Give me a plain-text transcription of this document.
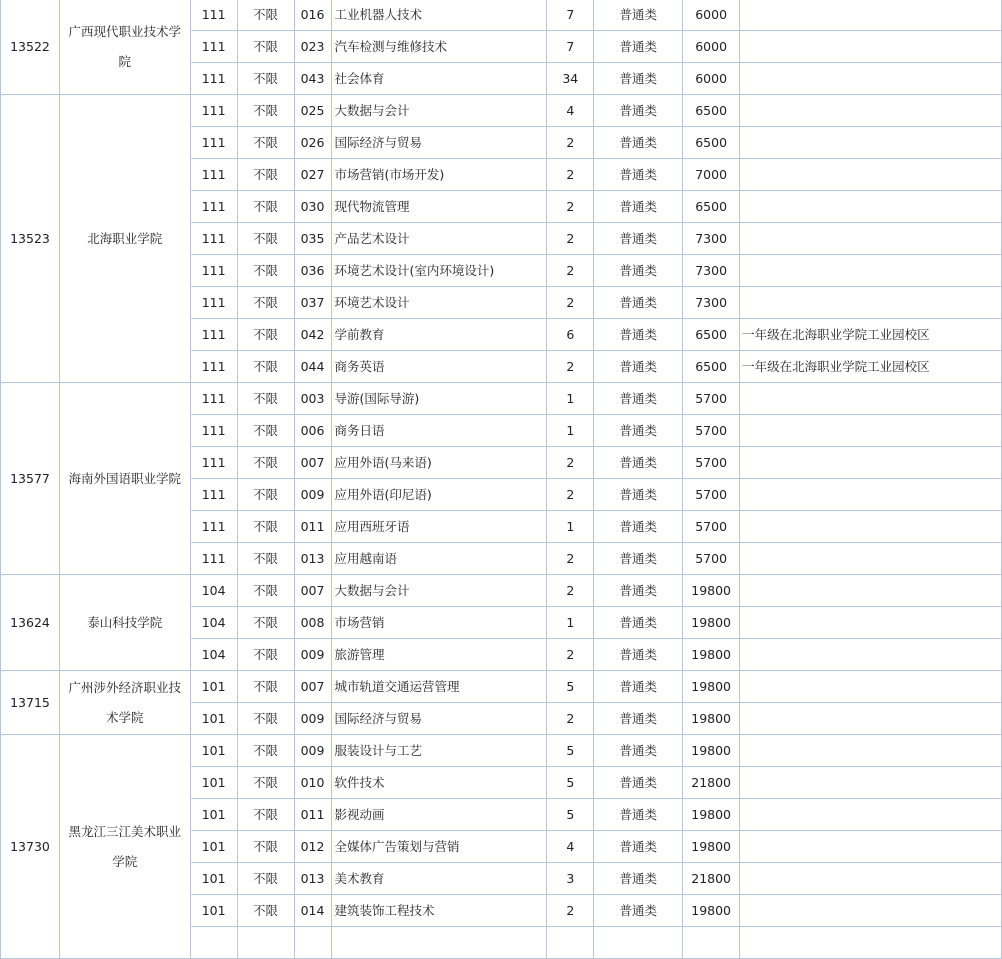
13522	广西现代职业技术学院	111	不限	016	工业机器人技术	7	普通类	6000	
		111	不限	023	汽车检测与维修技术	7	普通类	6000	
		111	不限	043	社会体育	34	普通类	6000	
13523	北海职业学院	111	不限	025	大数据与会计	4	普通类	6500	
		111	不限	026	国际经济与贸易	2	普通类	6500	
		111	不限	027	市场营销(市场开发)	2	普通类	7000	
		111	不限	030	现代物流管理	2	普通类	6500	
		111	不限	035	产品艺术设计	2	普通类	7300	
		111	不限	036	环境艺术设计(室内环境设计)	2	普通类	7300	
		111	不限	037	环境艺术设计	2	普通类	7300	
		111	不限	042	学前教育	6	普通类	6500	一年级在北海职业学院工业园校区
		111	不限	044	商务英语	2	普通类	6500	一年级在北海职业学院工业园校区
13577	海南外国语职业学院	111	不限	003	导游(国际导游)	1	普通类	5700	
		111	不限	006	商务日语	1	普通类	5700	
		111	不限	007	应用外语(马来语)	2	普通类	5700	
		111	不限	009	应用外语(印尼语)	2	普通类	5700	
		111	不限	011	应用西班牙语	1	普通类	5700	
		111	不限	013	应用越南语	2	普通类	5700	
13624	泰山科技学院	104	不限	007	大数据与会计	2	普通类	19800	
		104	不限	008	市场营销	1	普通类	19800	
		104	不限	009	旅游管理	2	普通类	19800	
13715	广州涉外经济职业技术学院	101	不限	007	城市轨道交通运营管理	5	普通类	19800	
		101	不限	009	国际经济与贸易	2	普通类	19800	
13730	黑龙江三江美术职业学院	101	不限	009	服装设计与工艺	5	普通类	19800	
		101	不限	010	软件技术	5	普通类	21800	
		101	不限	011	影视动画	5	普通类	19800	
		101	不限	012	全媒体广告策划与营销	4	普通类	19800	
		101	不限	013	美术教育	3	普通类	21800	
		101	不限	014	建筑装饰工程技术	2	普通类	19800	
